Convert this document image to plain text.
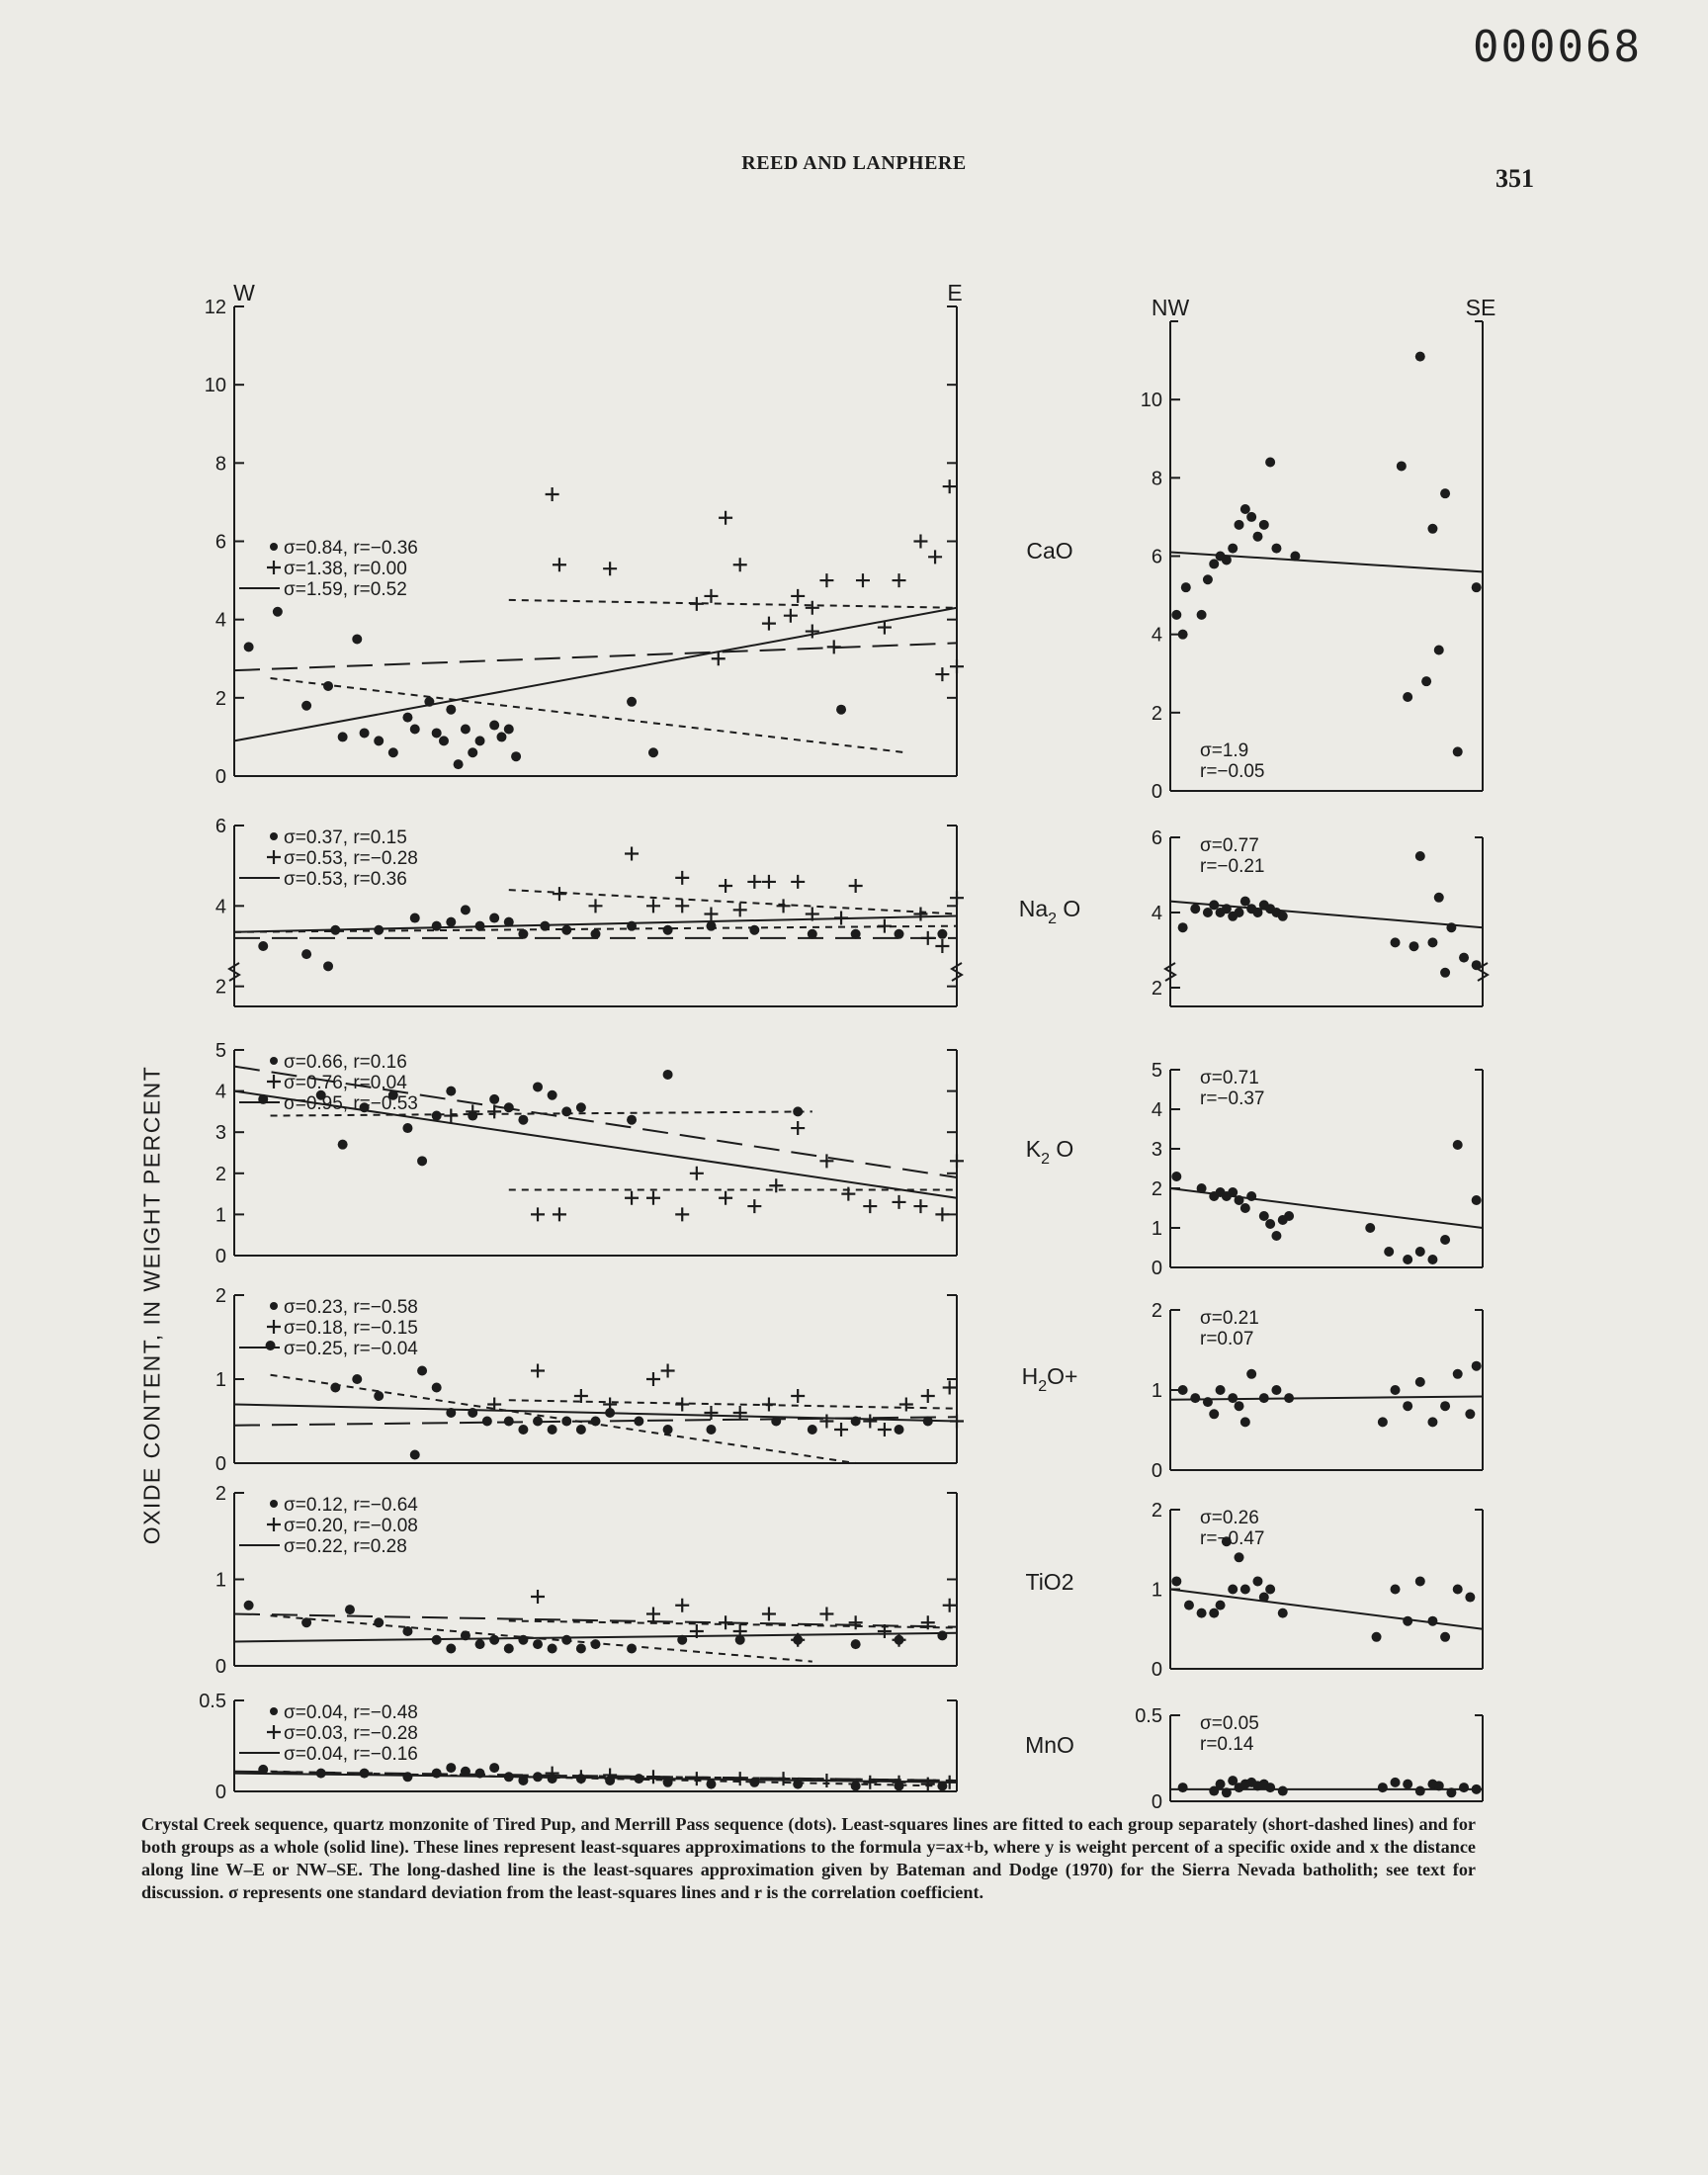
000068
REED AND LANPHERE
351
OXIDE CONTENT, IN WEIGHT PERCENT
0
2
4
6
8
10
12
W	E
σ=0.84, r=−0.36
σ=1.38, r=0.00
σ=1.59, r=0.52
2
4
6
σ=0.37, r=0.15
σ=0.53, r=−0.28
σ=0.53, r=0.36
0
1
2
3
4
5
σ=0.66, r=0.16
σ=0.76, r=0.04
σ=0.95, r=−0.53
0
1
2
σ=0.23, r=−0.58
σ=0.18, r=−0.15
σ=0.25, r=−0.04
0
1
2
σ=0.12, r=−0.64
σ=0.20, r=−0.08
σ=0.22, r=0.28
0
0.5
σ=0.04, r=−0.48
σ=0.03, r=−0.28
σ=0.04, r=−0.16
0
2
4
6
8
10
NW	SE
σ=1.9
r=−0.05
CaO
2
4
6 σ=0.77
r=−0.21
$Na_2$ O
0
1
2
3
4
5 σ=0.71
r=−0.37
$K_2$ O
0
1
2 σ=0.21
r=0.07
$H_2O+$
0
1
2 σ=0.26
r=−0.47
TiO2
0
0.5 σ=0.05
r=0.14
MnO
Crystal Creek sequence, quartz monzonite of Tired Pup, and Merrill Pass sequence (dots). Least-squares lines are fitted to each group separately (short-dashed lines) and for both groups as a whole (solid line). These lines represent least-squares approximations to the formula y=ax+b, where y is weight percent of a specific oxide and x the distance along line W–E or NW–SE. The long-dashed line is the least-squares approximation given by Bateman and Dodge (1970) for the Sierra Nevada batholith; see text for discussion. σ represents one standard deviation from the least-squares lines and r is the correlation coefficient.
